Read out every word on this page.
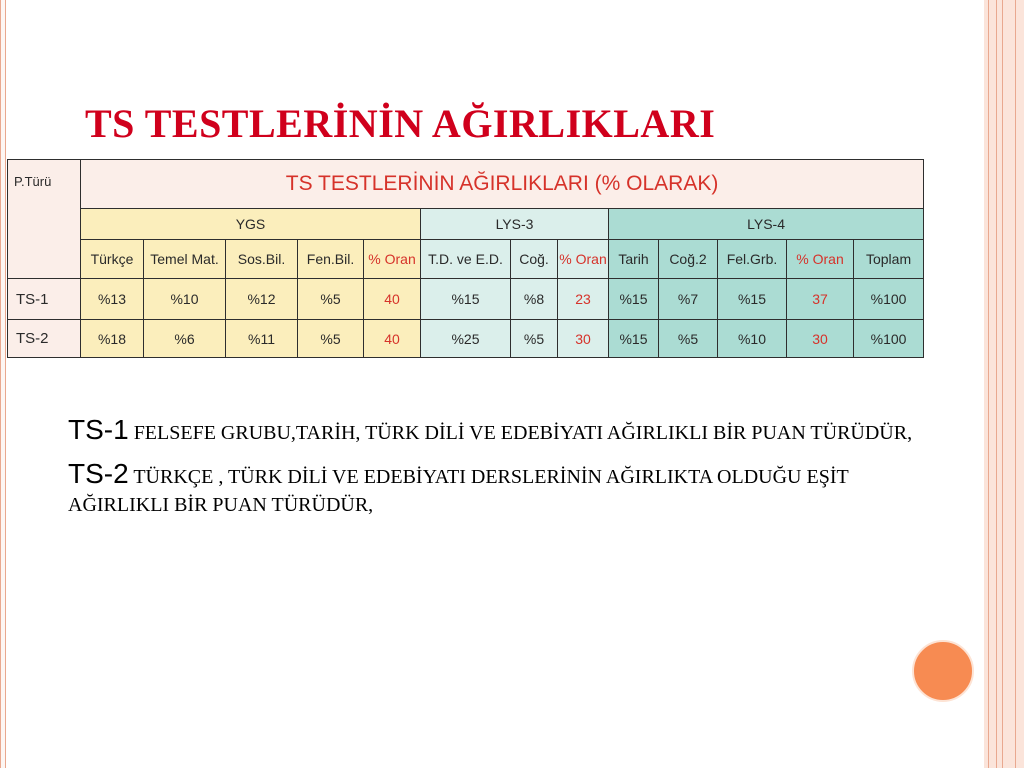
TS TESTLERİNİN AĞIRLIKLARI
P.Türü	TS TESTLERİNİN AĞIRLIKLARI (% OLARAK)												
	YGS					LYS-3			LYS-4				
	Türkçe	Temel Mat.	Sos.Bil.	Fen.Bil.	% Oran	T.D. ve E.D.	Coğ.	% Oran	Tarih	Coğ.2	Fel.Grb.	% Oran	Toplam
TS-1	%13	%10	%12	%5	40	%15	%8	23	%15	%7	%15	37	%100
TS-2	%18	%6	%11	%5	40	%25	%5	30	%15	%5	%10	30	%100

TS-1 FELSEFE GRUBU,TARİH, TÜRK DİLİ VE EDEBİYATI AĞIRLIKLI BİR PUAN TÜRÜDÜR,

TS-2 TÜRKÇE , TÜRK DİLİ VE EDEBİYATI DERSLERİNİN AĞIRLIKTA OLDUĞU EŞİT AĞIRLIKLI BİR PUAN TÜRÜDÜR,
